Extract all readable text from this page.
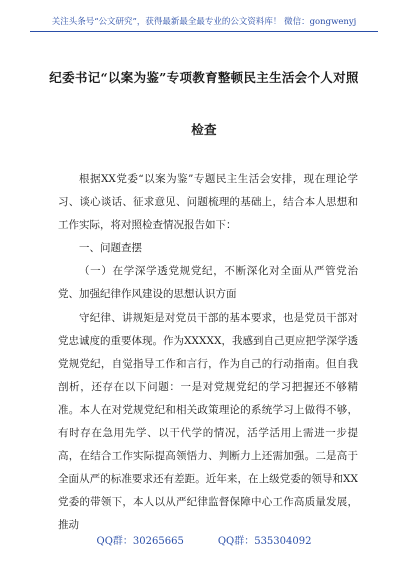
关注头条号“公文研究”，获得最新最全最专业的公文资料库！ 微信：gongwenyj
纪委书记“以案为鉴”专项教育整顿民主生活会个人对照
检查

根据XX党委“以案为鉴”专题民主生活会安排，现在理论学习、谈心谈话、征求意见、问题梳理的基础上，结合本人思想和工作实际，将对照检查情况报告如下：

一、问题查摆

（一）在学深学透党规党纪，不断深化对全面从严管党治党、加强纪律作风建设的思想认识方面

守纪律、讲规矩是对党员干部的基本要求，也是党员干部对党忠诚度的重要体现。作为XXXXX，我感到自己更应把学深学透党规党纪，自觉指导工作和言行，作为自己的行动指南。但自我剖析，还存在以下问题：一是对党规党纪的学习把握还不够精准。本人在对党规党纪和相关政策理论的系统学习上做得不够，有时存在急用先学、以干代学的情况，活学活用上需进一步提高，在结合工作实际提高领悟力、判断力上还需加强。二是高于全面从严的标准要求还有差距。近年来，在上级党委的领导和XX党委的带领下，本人以从严纪律监督保障中心工作高质量发展，推动

QQ群：30265665	QQ群：535304092
